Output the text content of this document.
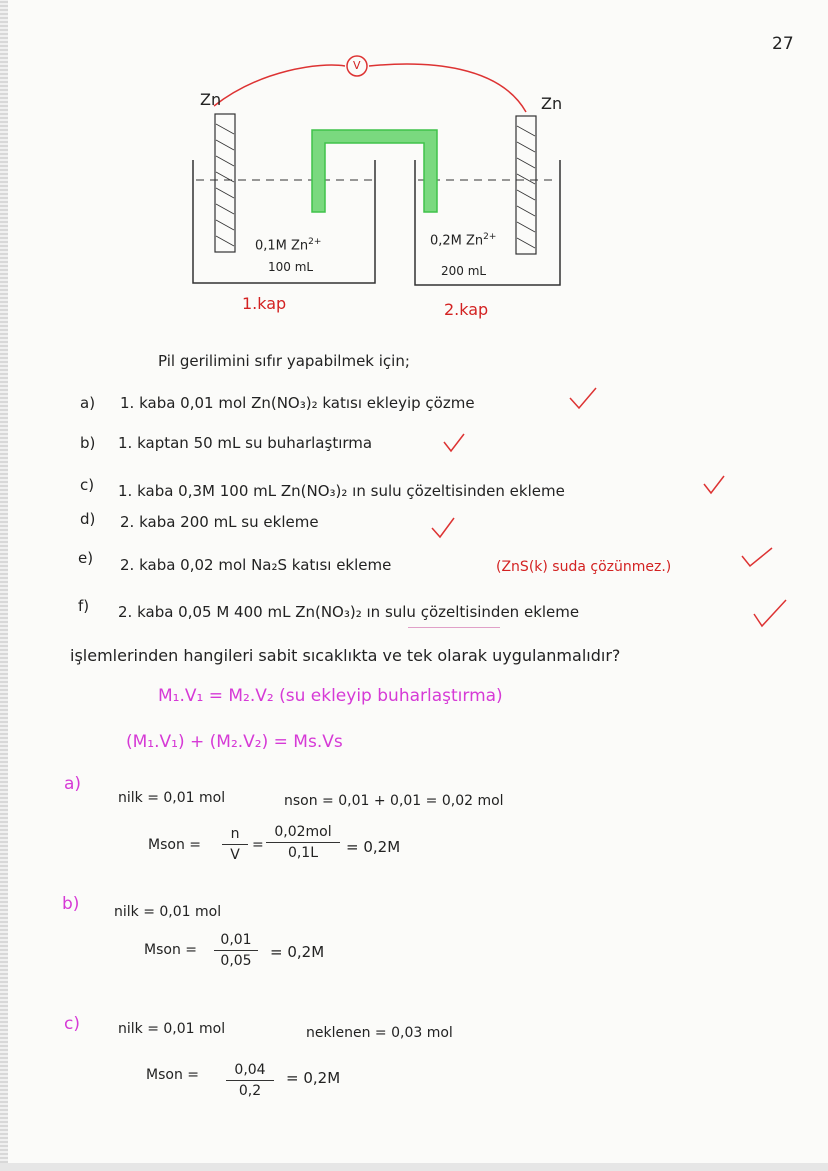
27
V
Zn	Zn
0,1M $Zn^{2+}$
100 mL
0,2M $Zn^{2+}$
200 mL
1.kap	2.kap
Pil gerilimini sıfır yapabilmek için;
a) 1. kaba 0,01 mol Zn(NO₃)₂ katısı ekleyip çözme
b) 1. kaptan 50 mL su buharlaştırma
c) 1. kaba 0,3M 100 mL Zn(NO₃)₂ ın sulu çözeltisinden ekleme
d) 2. kaba 200 mL su ekleme
e) 2. kaba 0,02 mol Na₂S katısı ekleme	(ZnS(k) suda çözünmez.)
f) 2. kaba 0,05 M 400 mL Zn(NO₃)₂ ın sulu çözeltisinden ekleme
işlemlerinden hangileri sabit sıcaklıkta ve tek olarak uygulanmalıdır?
M₁.V₁ = M₂.V₂ (su ekleyip buharlaştırma)
(M₁.V₁) + (M₂.V₂) = Ms.Vs
a)
nilk = 0,01 mol	nson = 0,01 + 0,01 = 0,02 mol
Mson =
n
V
=
0,02mol
0,1L	= 0,2M
b) nilk = 0,01 mol
Mson =
0,01
0,05	= 0,2M
c)	nilk = 0,01 mol	neklenen = 0,03 mol
Mson =	0,04
0,2
= 0,2M
